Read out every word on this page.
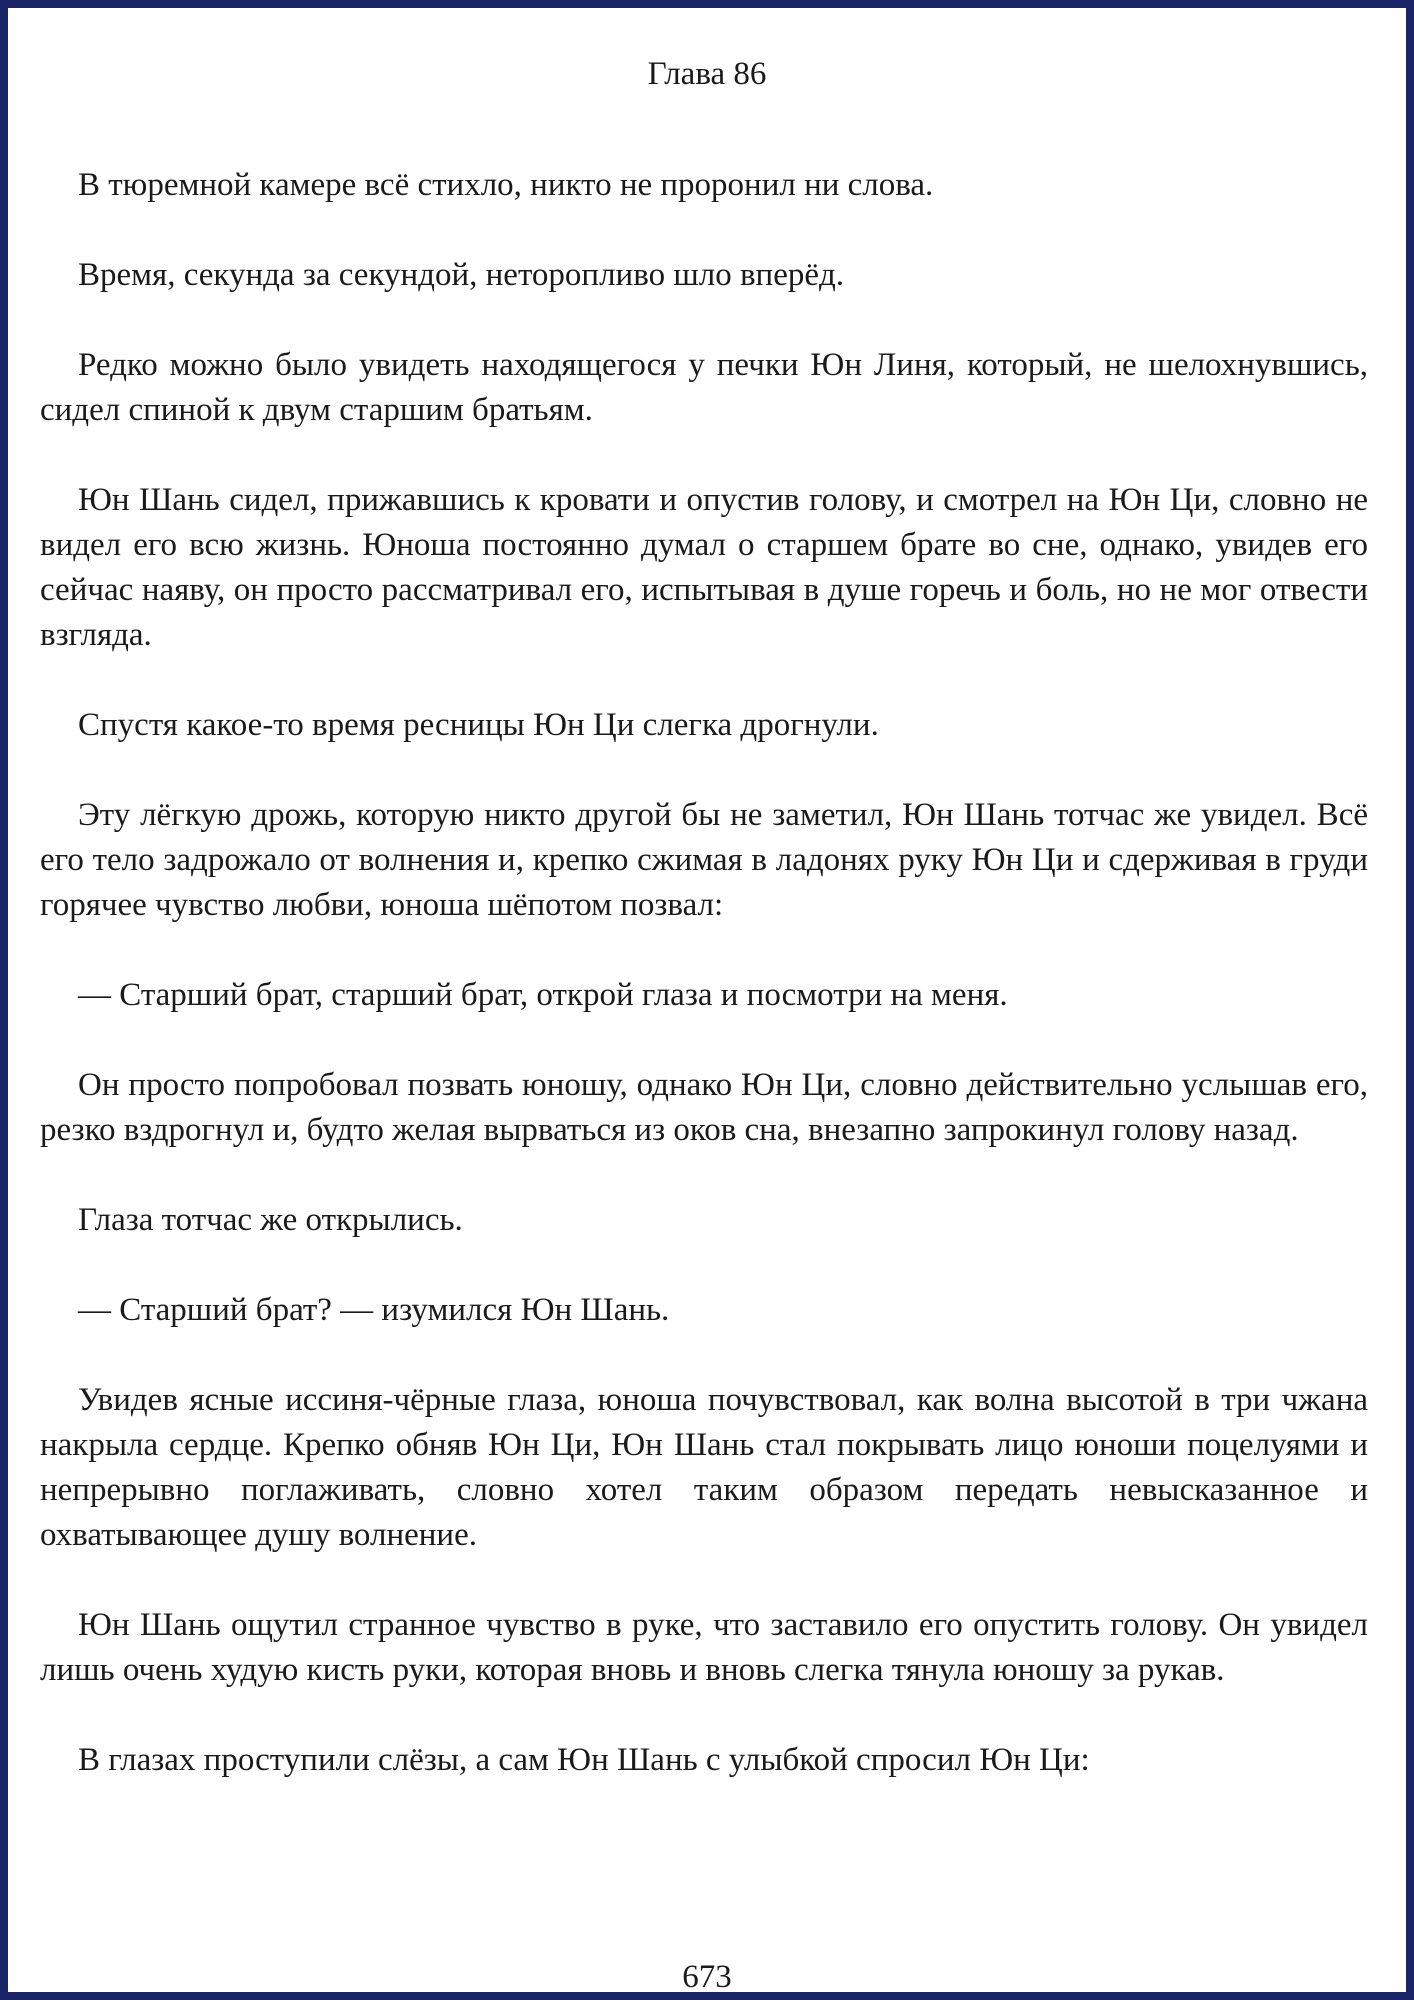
Глава 86

В тюремной камере всё стихло, никто не проронил ни слова.

Время, секунда за секундой, неторопливо шло вперёд.

Редко можно было увидеть находящегося у печки Юн Линя, который, не шелохнувшись, сидел спиной к двум старшим братьям.

Юн Шань сидел, прижавшись к кровати и опустив голову, и смотрел на Юн Ци, словно не видел его всю жизнь. Юноша постоянно думал о старшем брате во сне, однако, увидев его сейчас наяву, он просто рассматривал его, испытывая в душе горечь и боль, но не мог отвести взгляда.

Спустя какое-то время ресницы Юн Ци слегка дрогнули.

Эту лёгкую дрожь, которую никто другой бы не заметил, Юн Шань тотчас же увидел. Всё его тело задрожало от волнения и, крепко сжимая в ладонях руку Юн Ци и сдерживая в груди горячее чувство любви, юноша шёпотом позвал:

— Старший брат, старший брат, открой глаза и посмотри на меня.

Он просто попробовал позвать юношу, однако Юн Ци, словно действительно услышав его, резко вздрогнул и, будто желая вырваться из оков сна, внезапно запрокинул голову назад.

Глаза тотчас же открылись.

— Старший брат? — изумился Юн Шань.

Увидев ясные иссиня-чёрные глаза, юноша почувствовал, как волна высотой в три чжана накрыла сердце. Крепко обняв Юн Ци, Юн Шань стал покрывать лицо юноши поцелуями и непрерывно поглаживать, словно хотел таким образом передать невысказанное и охватывающее душу волнение.

Юн Шань ощутил странное чувство в руке, что заставило его опустить голову. Он увидел лишь очень худую кисть руки, которая вновь и вновь слегка тянула юношу за рукав.

В глазах проступили слёзы, а сам Юн Шань с улыбкой спросил Юн Ци:

673
